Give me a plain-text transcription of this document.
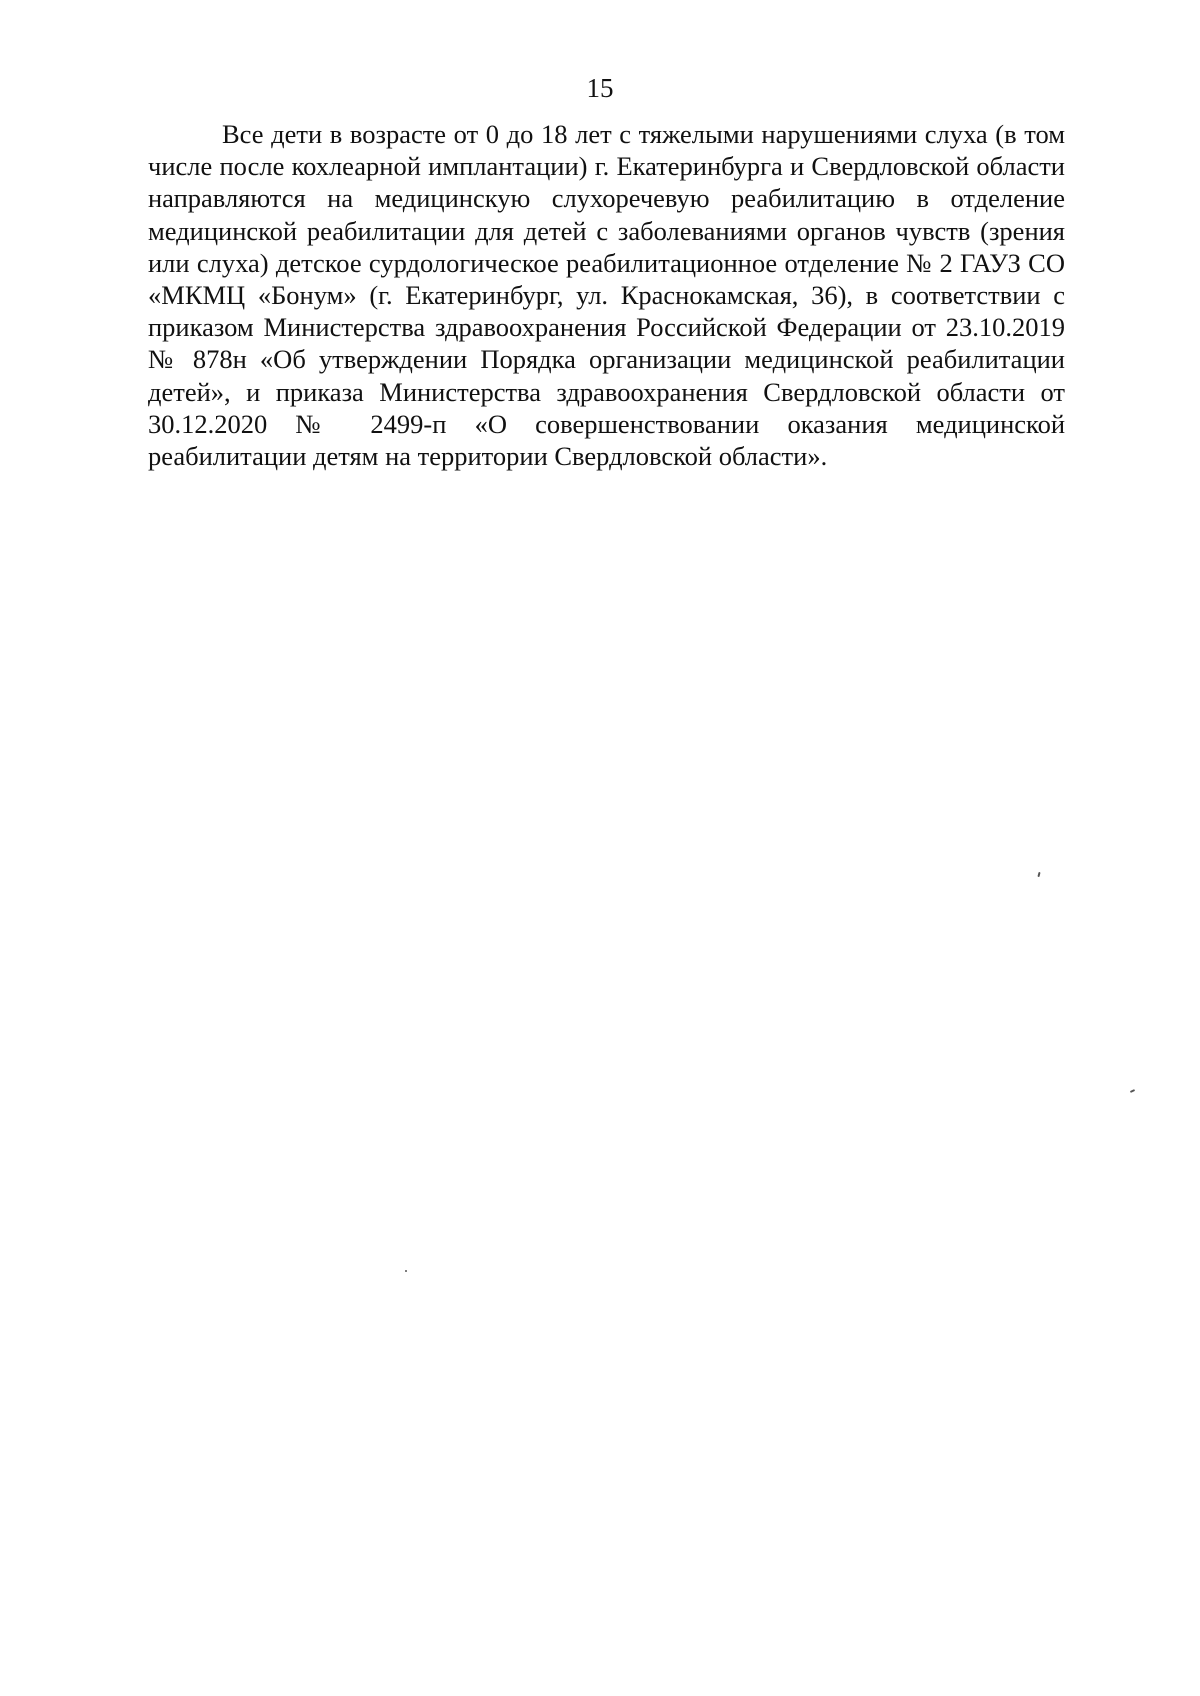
15

Все дети в возрасте от 0 до 18 лет с тяжелыми нарушениями слуха (в том числе после кохлеарной имплантации) г. Екатеринбурга и Свердловской области направляются на медицинскую слухоречевую реабилитацию в отделение медицинской реабилитации для детей с заболеваниями органов чувств (зрения или слуха) детское сурдологическое реабилитационное отделение № 2 ГАУЗ СО «МКМЦ «Бонум» (г. Екатеринбург, ул. Краснокамская, 36), в соответствии с приказом Министерства здравоохранения Российской Федерации от 23.10.2019 № 878н «Об утверждении Порядка организации медицинской реабилитации детей», и приказа Министерства здравоохранения Свердловской области от 30.12.2020 № 2499-п «О совершенствовании оказания медицинской реабилитации детям на территории Свердловской области».
